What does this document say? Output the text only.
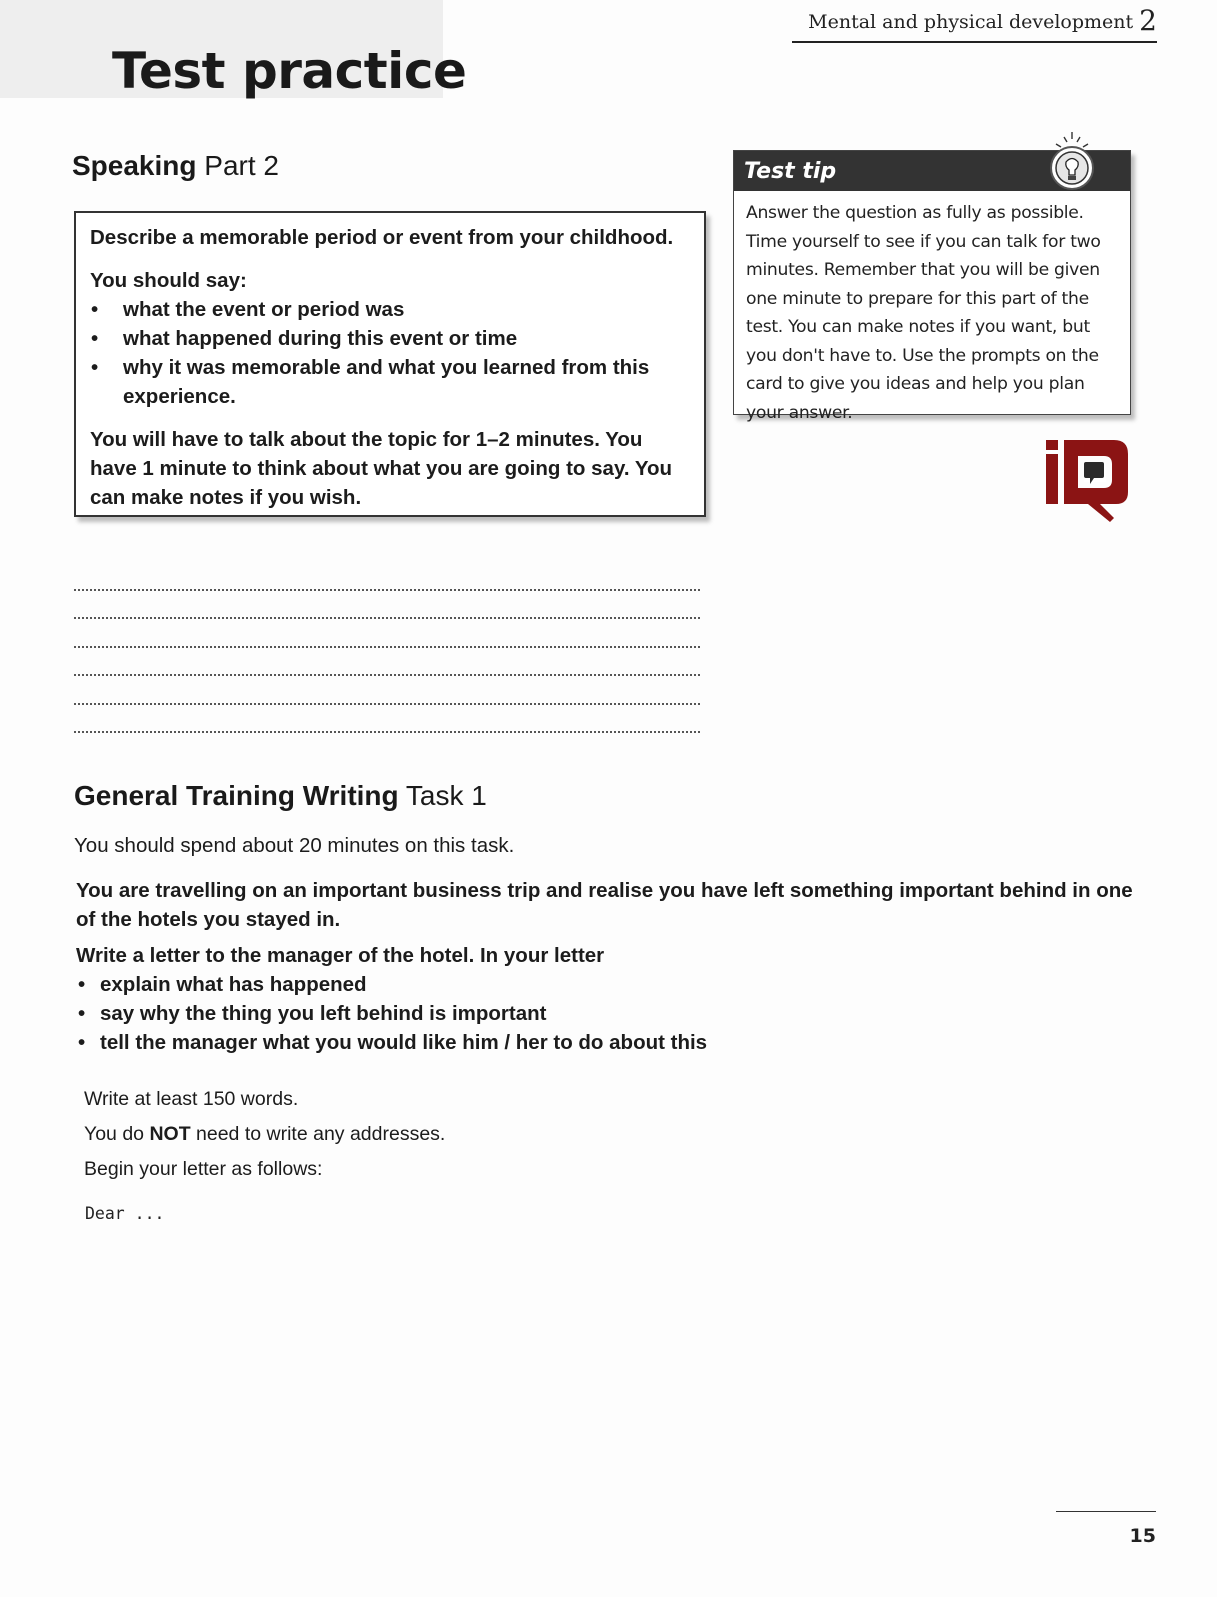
Test practice
Mental and physical development 2
Speaking Part 2

Describe a memorable period or event from your childhood.

You should say:

• what the event or period was
• what happened during this event or time
• why it was memorable and what you learned from this experience.

You will have to talk about the topic for 1–2 minutes. You have 1 minute to think about what you are going to say. You can make notes if you wish.

Test tip
Answer the question as fully as possible. Time yourself to see if you can talk for two minutes. Remember that you will be given one minute to prepare for this part of the test. You can make notes if you want, but you don't have to. Use the prompts on the card to give you ideas and help you plan your answer.
General Training Writing Task 1

You should spend about 20 minutes on this task.

You are travelling on an important business trip and realise you have left something important behind in one of the hotels you stayed in.

Write a letter to the manager of the hotel. In your letter

• explain what has happened
• say why the thing you left behind is important
• tell the manager what you would like him / her to do about this

Write at least 150 words.

You do NOT need to write any addresses.

Begin your letter as follows:

Dear ...

15
